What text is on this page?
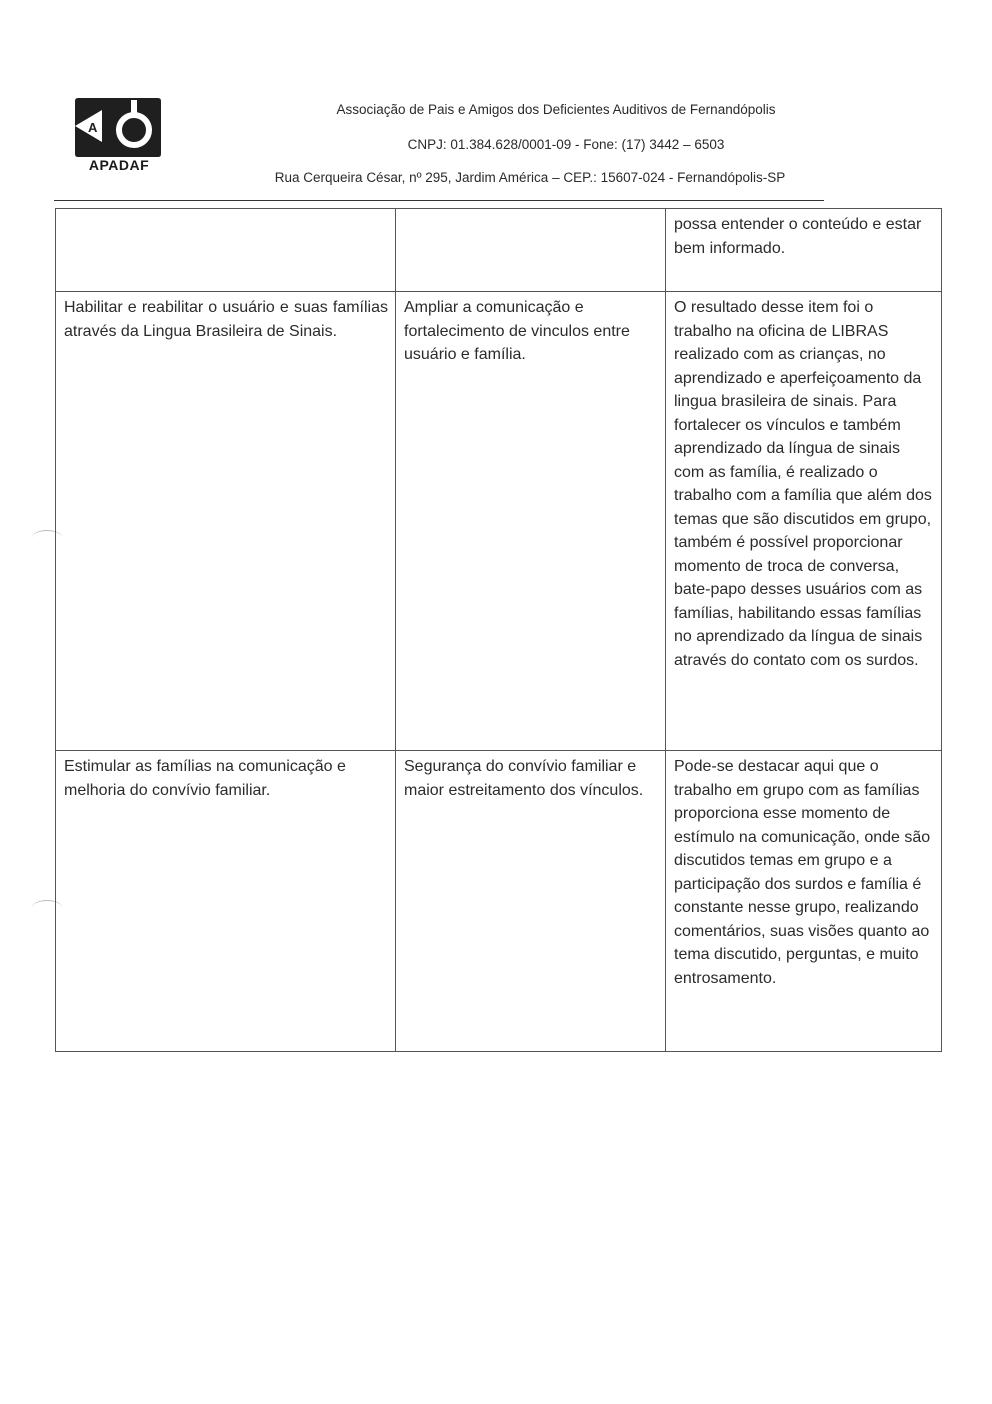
A
APADAF
Associação de Pais e Amigos dos Deficientes Auditivos de Fernandópolis
CNPJ: 01.384.628/0001-09 - Fone: (17) 3442 – 6503
Rua Cerqueira César, nº 295, Jardim América – CEP.: 15607-024 - Fernandópolis-SP
		possa entender o conteúdo e estar bem informado.
Habilitar e reabilitar o usuário e suas famílias através da Lingua Brasileira de Sinais.	Ampliar a comunicação e fortalecimento de vinculos entre usuário e família.	O resultado desse item foi o trabalho na oficina de LIBRAS realizado com as crianças, no aprendizado e aperfeiçoamento da lingua brasileira de sinais. Para fortalecer os vínculos e também aprendizado da língua de sinais com as família, é realizado o trabalho com a família que além dos temas que são discutidos em grupo, também é possível proporcionar momento de troca de conversa, bate-papo desses usuários com as famílias, habilitando essas famílias no aprendizado da língua de sinais através do contato com os surdos.
Estimular as famílias na comunicação e melhoria do convívio familiar.	Segurança do convívio familiar e maior estreitamento dos vínculos.	Pode-se destacar aqui que o trabalho em grupo com as famílias proporciona esse momento de estímulo na comunicação, onde são discutidos temas em grupo e a participação dos surdos e família é constante nesse grupo, realizando comentários, suas visões quanto ao tema discutido, perguntas, e muito entrosamento.
